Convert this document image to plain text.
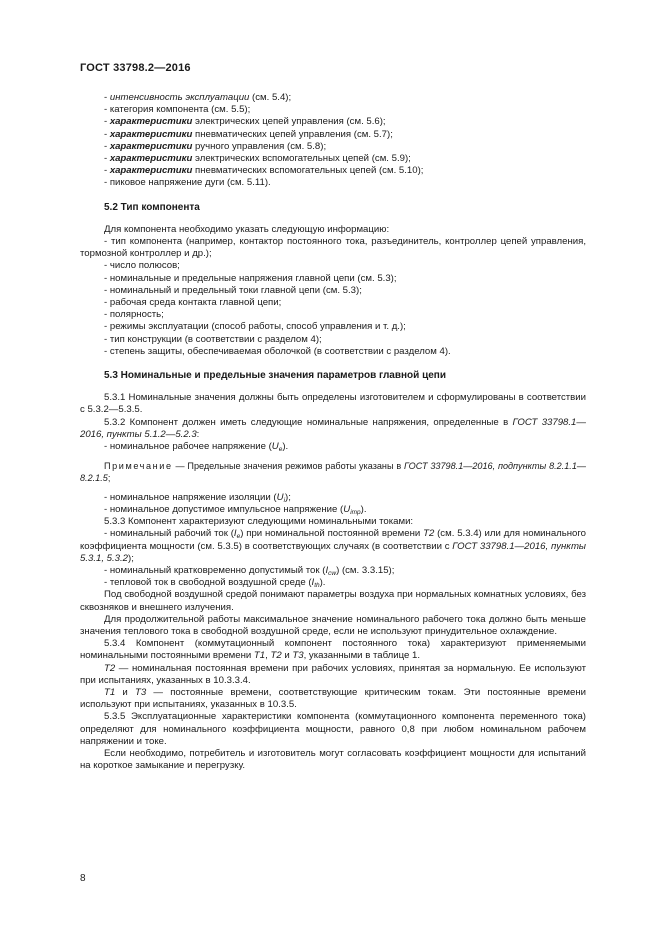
ГОСТ 33798.2—2016

- интенсивность эксплуатации (см. 5.4);

- категория компонента (см. 5.5);

- характеристики электрических цепей управления (см. 5.6);

- характеристики пневматических цепей управления (см. 5.7);

- характеристики ручного управления (см. 5.8);

- характеристики электрических вспомогательных цепей (см. 5.9);

- характеристики пневматических вспомогательных цепей (см. 5.10);

- пиковое напряжение дуги (см. 5.11).

5.2 Тип компонента

Для компонента необходимо указать следующую информацию:

- тип компонента (например, контактор постоянного тока, разъединитель, контроллер цепей управления, тормозной контроллер и др.);

- число полюсов;

- номинальные и предельные напряжения главной цепи (см. 5.3);

- номинальный и предельный токи главной цепи (см. 5.3);

- рабочая среда контакта главной цепи;

- полярность;

- режимы эксплуатации (способ работы, способ управления и т. д.);

- тип конструкции (в соответствии с разделом 4);

- степень защиты, обеспечиваемая оболочкой (в соответствии с разделом 4).

5.3 Номинальные и предельные значения параметров главной цепи

5.3.1 Номинальные значения должны быть определены изготовителем и сформулированы в соответствии с 5.3.2—5.3.5.

5.3.2 Компонент должен иметь следующие номинальные напряжения, определенные в ГОСТ 33798.1—2016, пункты 5.1.2—5.2.3:

- номинальное рабочее напряжение $(U_e)$.

Примечание — Предельные значения режимов работы указаны в ГОСТ 33798.1—2016, подпункты 8.2.1.1—8.2.1.5;

- номинальное напряжение изоляции $(U_i)$;

- номинальное допустимое импульсное напряжение $(U_{imp})$.

5.3.3 Компонент характеризуют следующими номинальными токами:

- номинальный рабочий ток $(I_e)$ при номинальной постоянной времени T2 (см. 5.3.4) или для номинального коэффициента мощности (см. 5.3.5) в соответствующих случаях (в соответствии с ГОСТ 33798.1—2016, пункты 5.3.1, 5.3.2);

- номинальный кратковременно допустимый ток $(I_{cw})$ (см. 3.3.15);

- тепловой ток в свободной воздушной среде $(I_{th})$.

Под свободной воздушной средой понимают параметры воздуха при нормальных комнатных условиях, без сквозняков и внешнего излучения.

Для продолжительной работы максимальное значение номинального рабочего тока должно быть меньше значения теплового тока в свободной воздушной среде, если не используют принудительное охлаждение.

5.3.4 Компонент (коммутационный компонент постоянного тока) характеризуют применяемыми номинальными постоянными времени T1, T2 и T3, указанными в таблице 1.

T2 — номинальная постоянная времени при рабочих условиях, принятая за нормальную. Ее используют при испытаниях, указанных в 10.3.3.4.

T1 и T3 — постоянные времени, соответствующие критическим токам. Эти постоянные времени используют при испытаниях, указанных в 10.3.5.

5.3.5 Эксплуатационные характеристики компонента (коммутационного компонента переменного тока) определяют для номинального коэффициента мощности, равного 0,8 при любом номинальном рабочем напряжении и токе.

Если необходимо, потребитель и изготовитель могут согласовать коэффициент мощности для испытаний на короткое замыкание и перегрузку.

8
